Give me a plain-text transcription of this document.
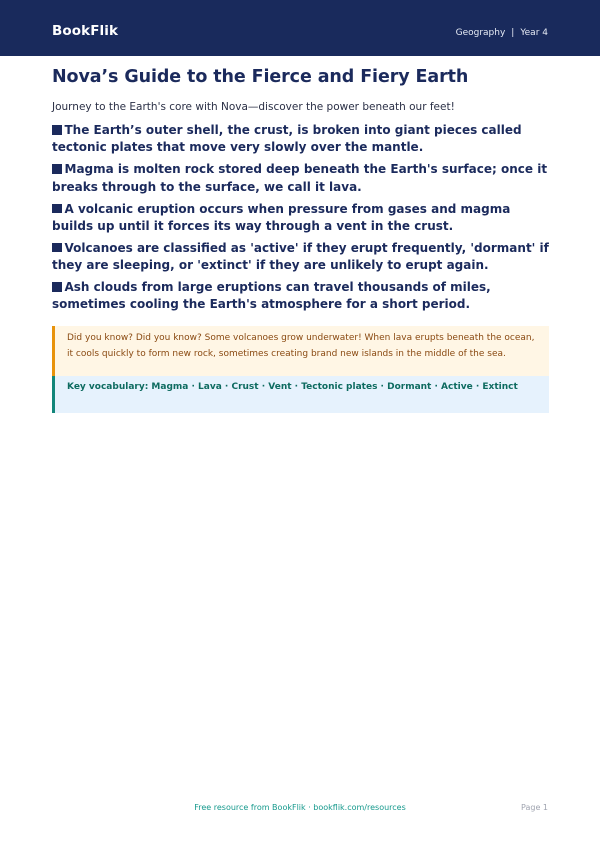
BookFlik	Geography | Year 4
Nova’s Guide to the Fierce and Fiery Earth

Journey to the Earth's core with Nova—discover the power beneath our feet!

The Earth’s outer shell, the crust, is broken into giant pieces called tectonic plates that move very slowly over the mantle.
Magma is molten rock stored deep beneath the Earth's surface; once it breaks through to the surface, we call it lava.
A volcanic eruption occurs when pressure from gases and magma builds up until it forces its way through a vent in the crust.
Volcanoes are classified as 'active' if they erupt frequently, 'dormant' if they are sleeping, or 'extinct' if they are unlikely to erupt again.
Ash clouds from large eruptions can travel thousands of miles, sometimes cooling the Earth's atmosphere for a short period.
Did you know? Did you know? Some volcanoes grow underwater! When lava erupts beneath the ocean, it cools quickly to form new rock, sometimes creating brand new islands in the middle of the sea.
Key vocabulary: Magma · Lava · Crust · Vent · Tectonic plates · Dormant · Active · Extinct
Free resource from BookFlik · bookflik.com/resources	Page 1
